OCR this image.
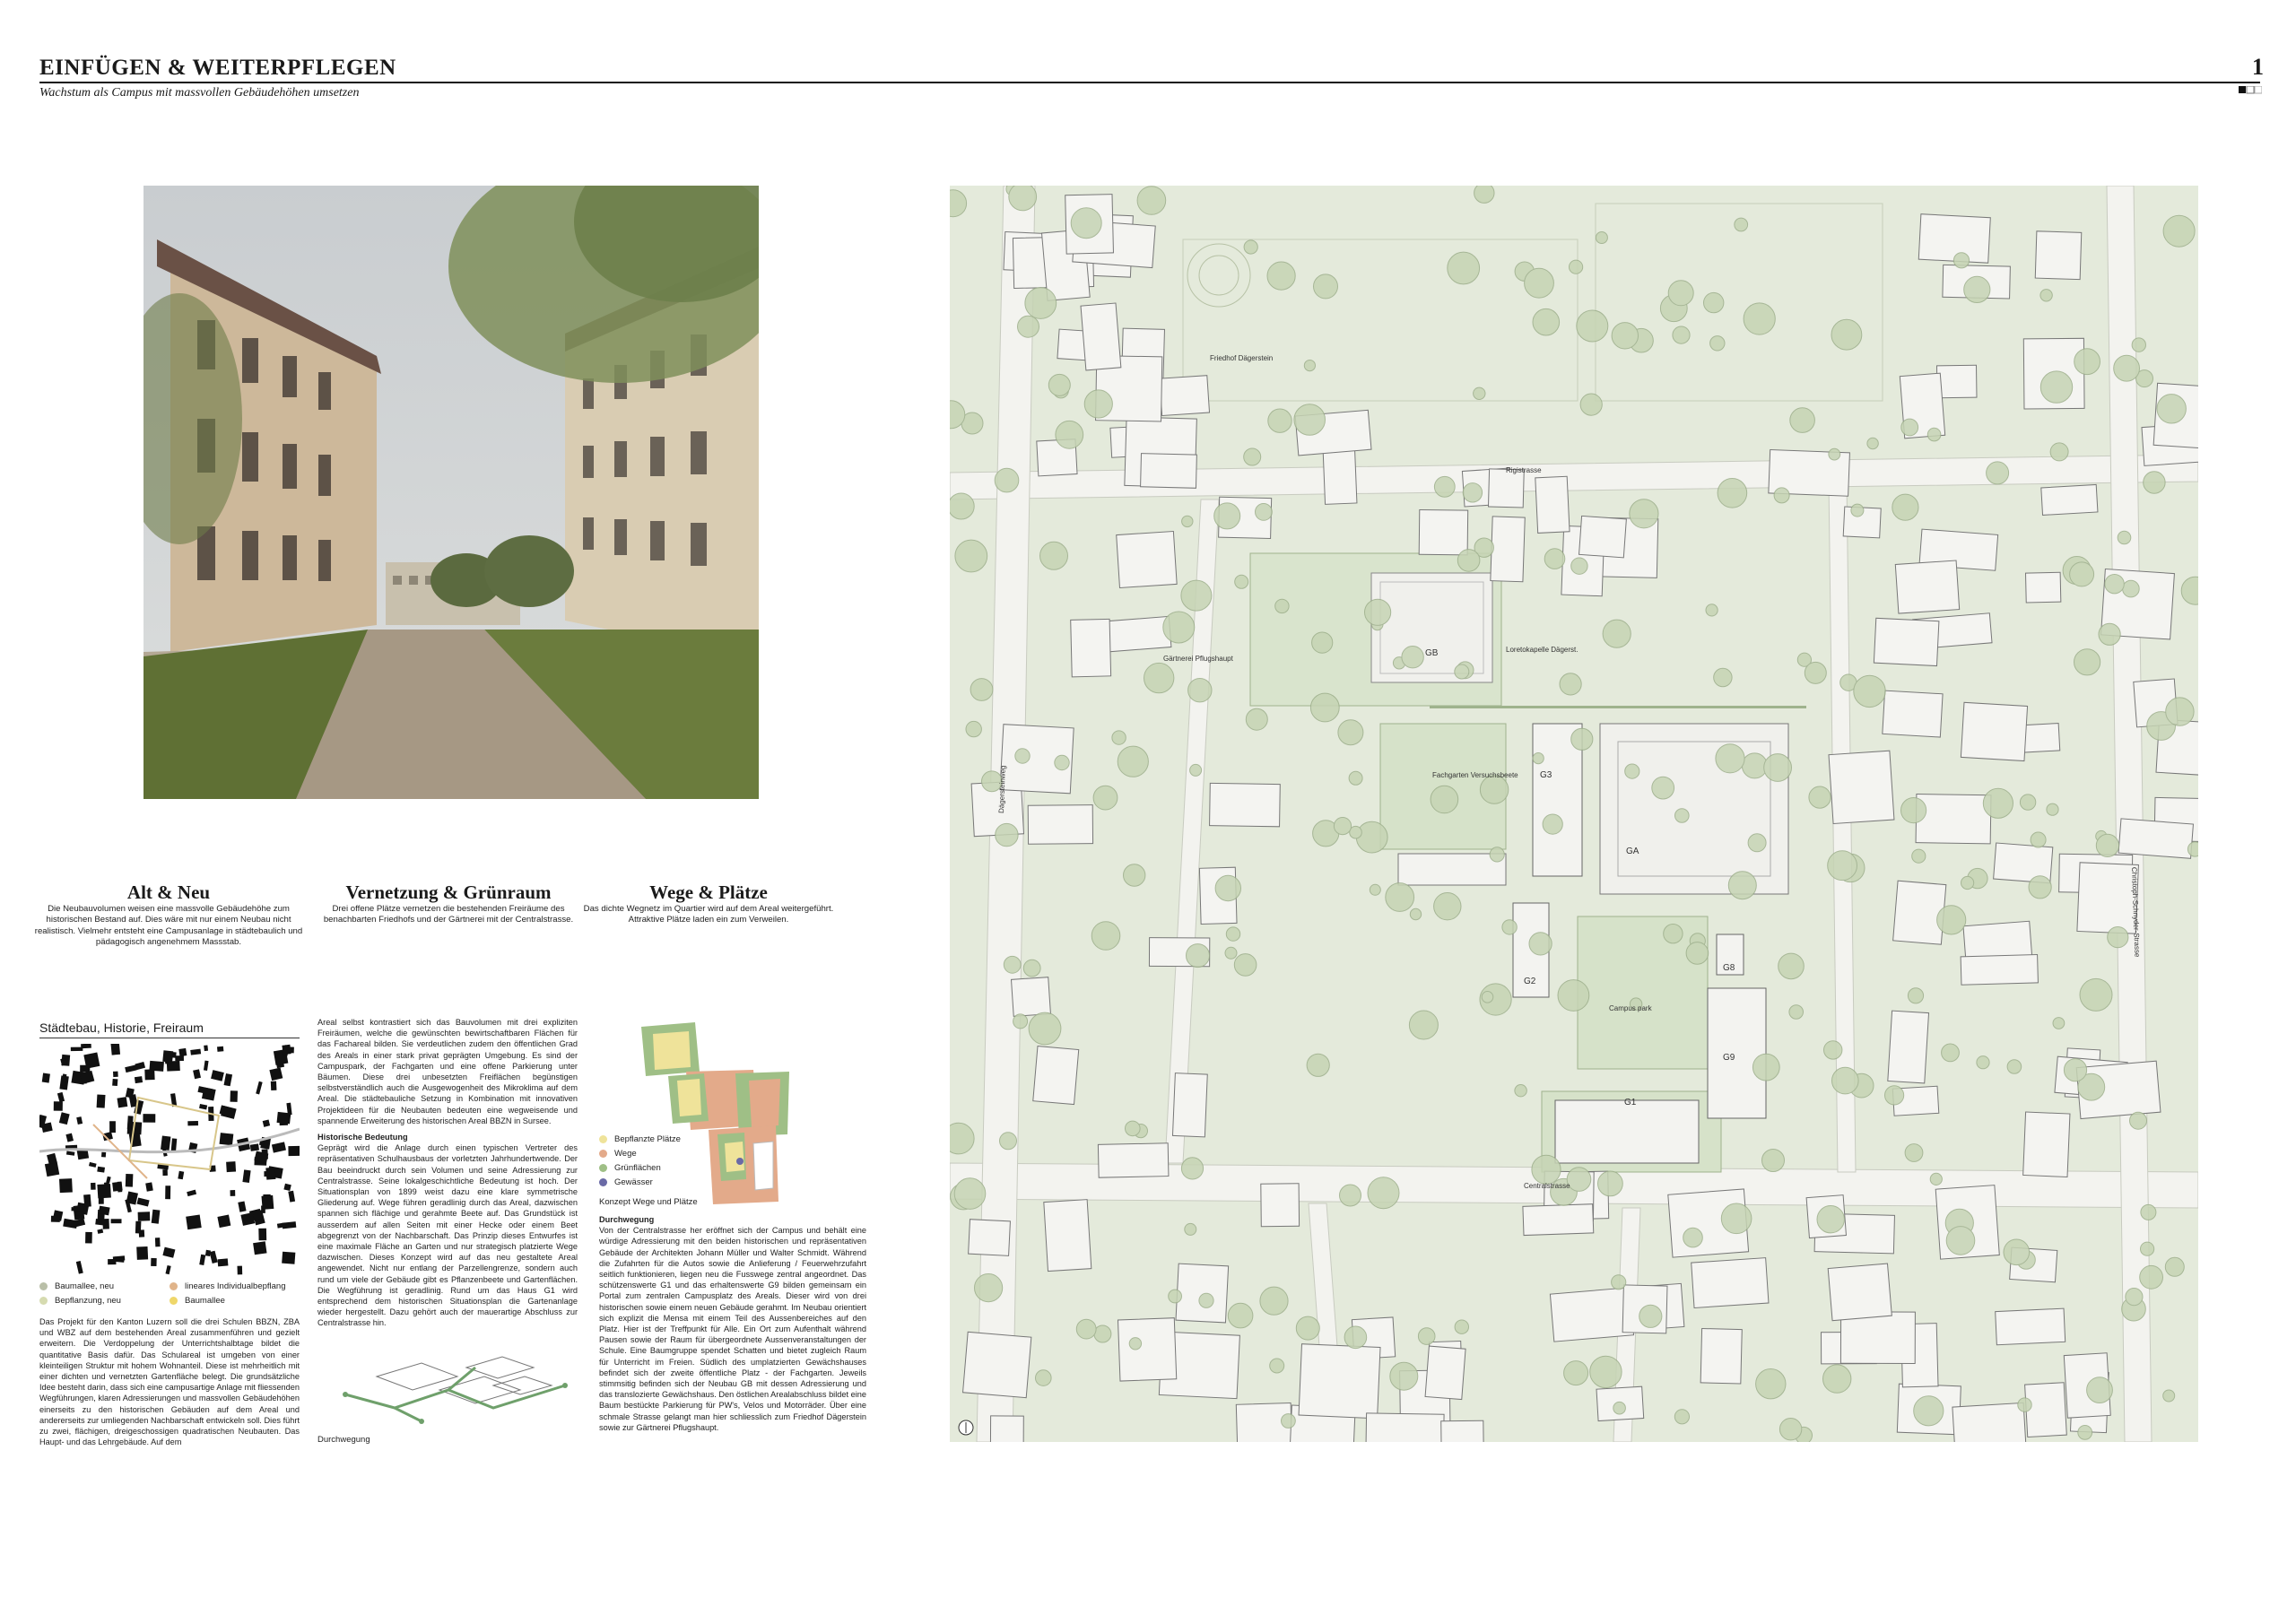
EINFÜGEN & WEITERPFLEGEN
Wachstum als Campus mit massvollen Gebäudehöhen umsetzen
1
Alt & Neu
Die Neubauvolumen weisen eine massvolle Gebäudehöhe zum historischen Bestand auf. Dies wäre mit nur einem Neubau nicht realistisch. Vielmehr entsteht eine Campusanlage in städtebaulich und pädagogisch angenehmem Massstab.
Vernetzung & Grünraum
Drei offene Plätze vernetzen die bestehenden Freiräume des benachbarten Friedhofs und der Gärtnerei mit der Centralstrasse.
Wege & Plätze
Das dichte Wegnetz im Quartier wird auf dem Areal weitergeführt. Attraktive Plätze laden ein zum Verweilen.
Städtebau, Historie, Freiraum
Baumallee, neu	lineares Individualbepflang
Bepflanzung, neu	Baumallee
Das Projekt für den Kanton Luzern soll die drei Schulen BBZN, ZBA und WBZ auf dem bestehenden Areal zusammenführen und gezielt erweitern. Die Verdoppelung der Unterrichtshalbtage bildet die quantitative Basis dafür. Das Schulareal ist umgeben von einer kleinteiligen Struktur mit hohem Wohnanteil. Diese ist mehrheitlich mit einer dichten und vernetzten Gartenfläche belegt. Die grundsätzliche Idee besteht darin, dass sich eine campusartige Anlage mit fliessenden Wegführungen, klaren Adressierungen und massvollen Gebäudehöhen einerseits zu den historischen Gebäuden auf dem Areal und andererseits zur umliegenden Nachbarschaft entwickeln soll. Dies führt zu zwei, flächigen, dreigeschossigen quadratischen Neubauten. Das Haupt- und das Lehrgebäude. Auf dem
Areal selbst kontrastiert sich das Bauvolumen mit drei expliziten Freiräumen, welche die gewünschten bewirtschaftbaren Flächen für das Fachareal bilden. Sie verdeutlichen zudem den öffentlichen Grad des Areals in einer stark privat geprägten Umgebung. Es sind der Campuspark, der Fachgarten und eine offene Parkierung unter Bäumen. Diese drei unbesetzten Freiflächen begünstigen selbstverständlich auch die Ausgewogenheit des Mikroklima auf dem Areal. Die städtebauliche Setzung in Kombination mit innovativen Projektideen für die Neubauten bedeuten eine wegweisende und spannende Erweiterung des historischen Areal BBZN in Sursee.
Historische Bedeutung
Geprägt wird die Anlage durch einen typischen Vertreter des repräsentativen Schulhausbaus der vorletzten Jahrhundertwende. Der Bau beeindruckt durch sein Volumen und seine Adressierung zur Centralstrasse. Seine lokalgeschichtliche Bedeutung ist hoch. Der Situationsplan von 1899 weist dazu eine klare symmetrische Gliederung auf. Wege führen geradlinig durch das Areal, dazwischen spannen sich flächige und gerahmte Beete auf. Das Grundstück ist ausserdem auf allen Seiten mit einer Hecke oder einem Beet abgegrenzt von der Nachbarschaft. Das Prinzip dieses Entwurfes ist eine maximale Fläche an Garten und nur strategisch platzierte Wege dazwischen. Dieses Konzept wird auf das neu gestaltete Areal angewendet. Nicht nur entlang der Parzellengrenze, sondern auch rund um viele der Gebäude gibt es Pflanzenbeete und Gartenflächen. Die Wegführung ist geradlinig. Rund um das Haus G1 wird entsprechend dem historischen Situationsplan die Gartenanlage wieder hergestellt. Dazu gehört auch der mauerartige Abschluss zur Centralstrasse hin.
Durchwegung
Bepflanzte Plätze
Wege
Grünflächen
Gewässer
Konzept Wege und Plätze
Durchwegung
Von der Centralstrasse her eröffnet sich der Campus und behält eine würdige Adressierung mit den beiden historischen und repräsentativen Gebäude der Architekten Johann Müller und Walter Schmidt. Während die Zufahrten für die Autos sowie die Anlieferung / Feuerwehrzufahrt seitlich funktionieren, liegen neu die Fusswege zentral angeordnet. Das schützenswerte G1 und das erhaltenswerte G9 bilden gemeinsam ein Portal zum zentralen Campusplatz des Areals. Dieser wird von drei historischen sowie einem neuen Gebäude gerahmt. Im Neubau orientiert sich explizit die Mensa mit einem Teil des Aussenbereiches auf den Platz. Hier ist der Treffpunkt für Alle. Ein Ort zum Aufenthalt während Pausen sowie der Raum für übergeordnete Aussenveranstaltungen der Schule. Eine Baumgruppe spendet Schatten und bietet zugleich Raum für Unterricht im Freien. Südlich des umplatzierten Gewächshauses befindet sich der zweite öffentliche Platz - der Fachgarten. Jeweils stimmsitig befinden sich der Neubau GB mit dessen Adressierung und das translozierte Gewächshaus. Den östlichen Arealabschluss bildet eine Baum bestückte Parkierung für PW's, Velos und Motorräder. Über eine schmale Strasse gelangt man hier schliesslich zum Friedhof Dägerstein sowie zur Gärtnerei Pflugshaupt.
G1
G2
G3
GA
G8
G9
GB
Friedhof Dägerstein
Gärtnerei Pflugshaupt
Fachgarten Versuchsbeete
Campus park
Rigistrasse
Centralstrasse
Loretokapelle Dägerst.
Dägersteinweg
Christoph-Schnyder-Strasse
